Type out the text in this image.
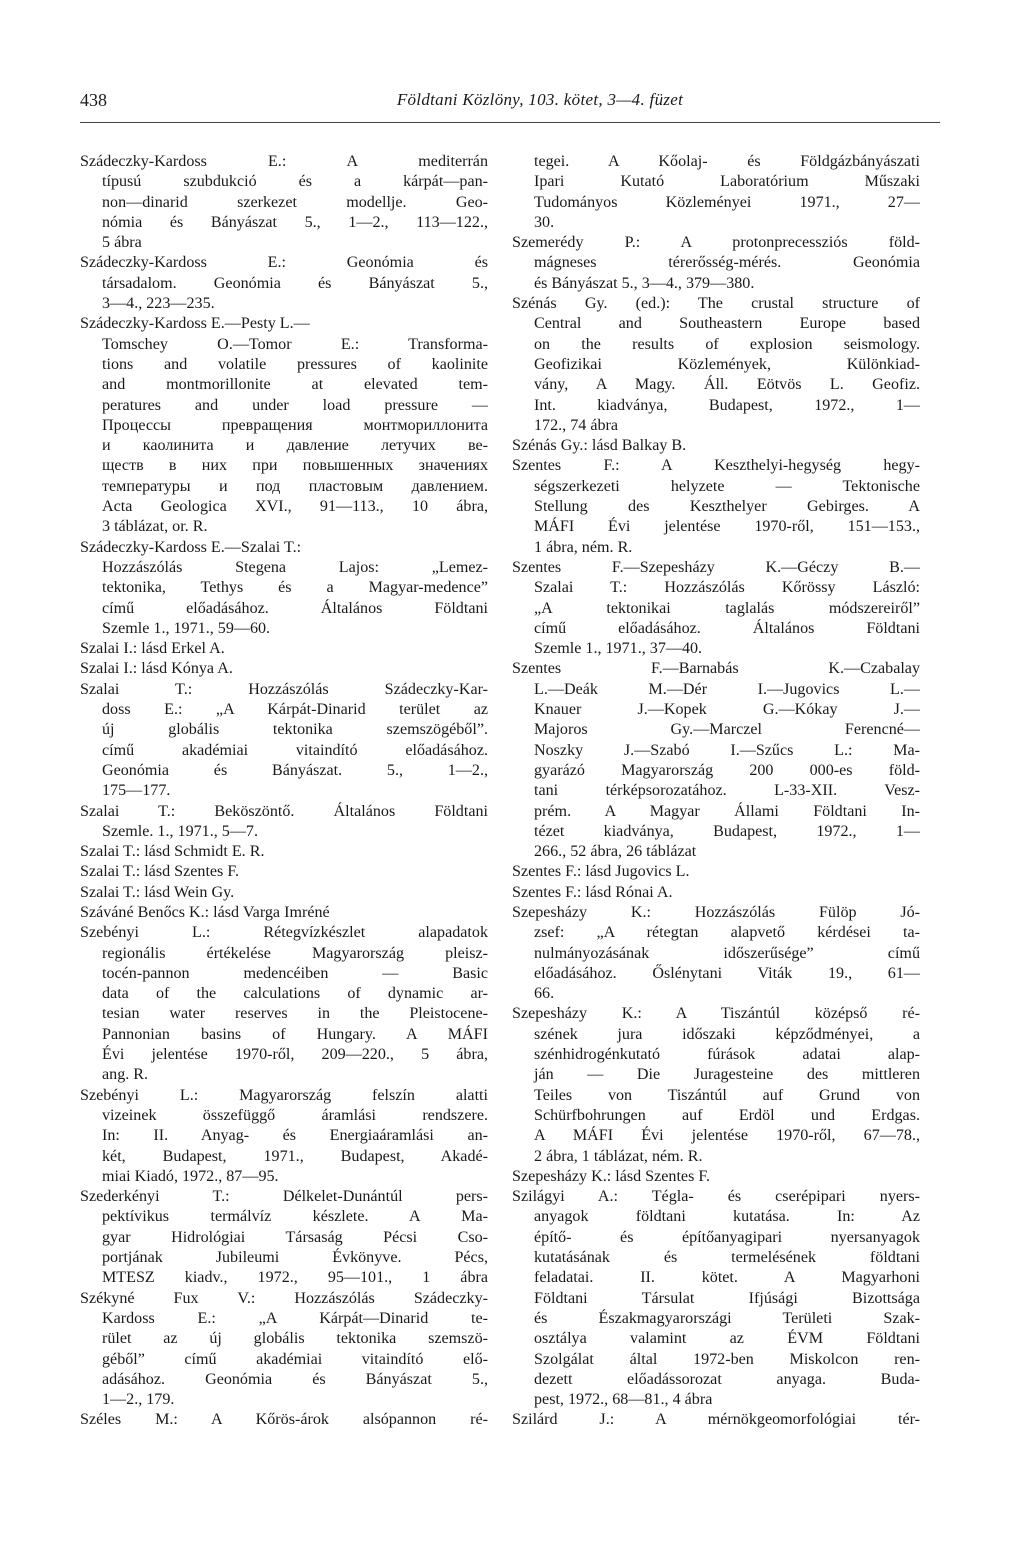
438	Földtani Közlöny, 103. kötet, 3—4. füzet
Szádeczky-Kardoss E.: A mediterrán
típusú szubdukció és a kárpát—pan-
non—dinarid szerkezet modellje. Geo-
nómia és Bányászat 5., 1—2., 113—122.,
5 ábra
Szádeczky-Kardoss E.: Geonómia és
társadalom. Geonómia és Bányászat 5.,
3—4., 223—235.
Szádeczky-Kardoss E.—Pesty L.—
Tomschey O.—Tomor E.: Transforma-
tions and volatile pressures of kaolinite
and montmorillonite at elevated tem-
peratures and under load pressure —
Процессы превращения монтмориллонита
и каолинита и давление летучих ве-
ществ в них при повышенных значениях
температуры и под пластовым давлением.
Acta Geologica XVI., 91—113., 10 ábra,
3 táblázat, or. R.
Szádeczky-Kardoss E.—Szalai T.:
Hozzászólás Stegena Lajos: „Lemez-
tektonika, Tethys és a Magyar-medence”
című előadásához. Általános Földtani
Szemle 1., 1971., 59—60.
Szalai I.: lásd Erkel A.
Szalai I.: lásd Kónya A.
Szalai T.: Hozzászólás Szádeczky-Kar-
doss E.: „A Kárpát-Dinarid terület az
új globális tektonika szemszögéből”.
című akadémiai vitaindító előadásához.
Geonómia és Bányászat. 5., 1—2.,
175—177.
Szalai T.: Beköszöntő. Általános Földtani
Szemle. 1., 1971., 5—7.
Szalai T.: lásd Schmidt E. R.
Szalai T.: lásd Szentes F.
Szalai T.: lásd Wein Gy.
Száváné Benőcs K.: lásd Varga Imréné
Szebényi L.: Rétegvízkészlet alapadatok
regionális értékelése Magyarország pleisz-
tocén-pannon medencéiben — Basic
data of the calculations of dynamic ar-
tesian water reserves in the Pleistocene-
Pannonian basins of Hungary. A MÁFI
Évi jelentése 1970-ről, 209—220., 5 ábra,
ang. R.
Szebényi L.: Magyarország felszín alatti
vizeinek összefüggő áramlási rendszere.
In: II. Anyag- és Energiaáramlási an-
két, Budapest, 1971., Budapest, Akadé-
miai Kiadó, 1972., 87—95.
Szederkényi T.: Délkelet-Dunántúl pers-
pektívikus termálvíz készlete. A Ma-
gyar Hidrológiai Társaság Pécsi Cso-
portjának Jubileumi Évkönyve. Pécs,
MTESZ kiadv., 1972., 95—101., 1 ábra
Székyné Fux V.: Hozzászólás Szádeczky-
Kardoss E.: „A Kárpát—Dinarid te-
rület az új globális tektonika szemszö-
géből” című akadémiai vitaindító elő-
adásához. Geonómia és Bányászat 5.,
1—2., 179.
Széles M.: A Kőrös-árok alsópannon ré-
tegei. A Kőolaj- és Földgázbányászati
Ipari Kutató Laboratórium Műszaki
Tudományos Közleményei 1971., 27—
30.
Szemerédy P.: A protonprecessziós föld-
mágneses térerősség-mérés. Geonómia
és Bányászat 5., 3—4., 379—380.
Szénás Gy. (ed.): The crustal structure of
Central and Southeastern Europe based
on the results of explosion seismology.
Geofizikai Közlemények, Különkiad-
vány, A Magy. Áll. Eötvös L. Geofiz.
Int. kiadványa, Budapest, 1972., 1—
172., 74 ábra
Szénás Gy.: lásd Balkay B.
Szentes F.: A Keszthelyi-hegység hegy-
ségszerkezeti helyzete — Tektonische
Stellung des Keszthelyer Gebirges. A
MÁFI Évi jelentése 1970-ről, 151—153.,
1 ábra, ném. R.
Szentes F.—Szepesházy K.—Géczy B.—
Szalai T.: Hozzászólás Kőrössy László:
„A tektonikai taglalás módszereiről”
című előadásához. Általános Földtani
Szemle 1., 1971., 37—40.
Szentes F.—Barnabás K.—Czabalay
L.—Deák M.—Dér I.—Jugovics L.—
Knauer J.—Kopek G.—Kókay J.—
Majoros Gy.—Marczel Ferencné—
Noszky J.—Szabó I.—Szűcs L.: Ma-
gyarázó Magyarország 200 000-es föld-
tani térképsorozatához. L-33-XII. Vesz-
prém. A Magyar Állami Földtani In-
tézet kiadványa, Budapest, 1972., 1—
266., 52 ábra, 26 táblázat
Szentes F.: lásd Jugovics L.
Szentes F.: lásd Rónai A.
Szepesházy K.: Hozzászólás Fülöp Jó-
zsef: „A rétegtan alapvető kérdései ta-
nulmányozásának időszerűsége” című
előadásához. Őslénytani Viták 19., 61—
66.
Szepesházy K.: A Tiszántúl középső ré-
szének jura időszaki képződményei, a
szénhidrogénkutató fúrások adatai alap-
ján — Die Juragesteine des mittleren
Teiles von Tiszántúl auf Grund von
Schürfbohrungen auf Erdöl und Erdgas.
A MÁFI Évi jelentése 1970-ről, 67—78.,
2 ábra, 1 táblázat, ném. R.
Szepesházy K.: lásd Szentes F.
Szilágyi A.: Tégla- és cserépipari nyers-
anyagok földtani kutatása. In: Az
építő- és építőanyagipari nyersanyagok
kutatásának és termelésének földtani
feladatai. II. kötet. A Magyarhoni
Földtani Társulat Ifjúsági Bizottsága
és Északmagyarországi Területi Szak-
osztálya valamint az ÉVM Földtani
Szolgálat által 1972-ben Miskolcon ren-
dezett előadássorozat anyaga. Buda-
pest, 1972., 68—81., 4 ábra
Szilárd J.: A mérnökgeomorfológiai tér-
